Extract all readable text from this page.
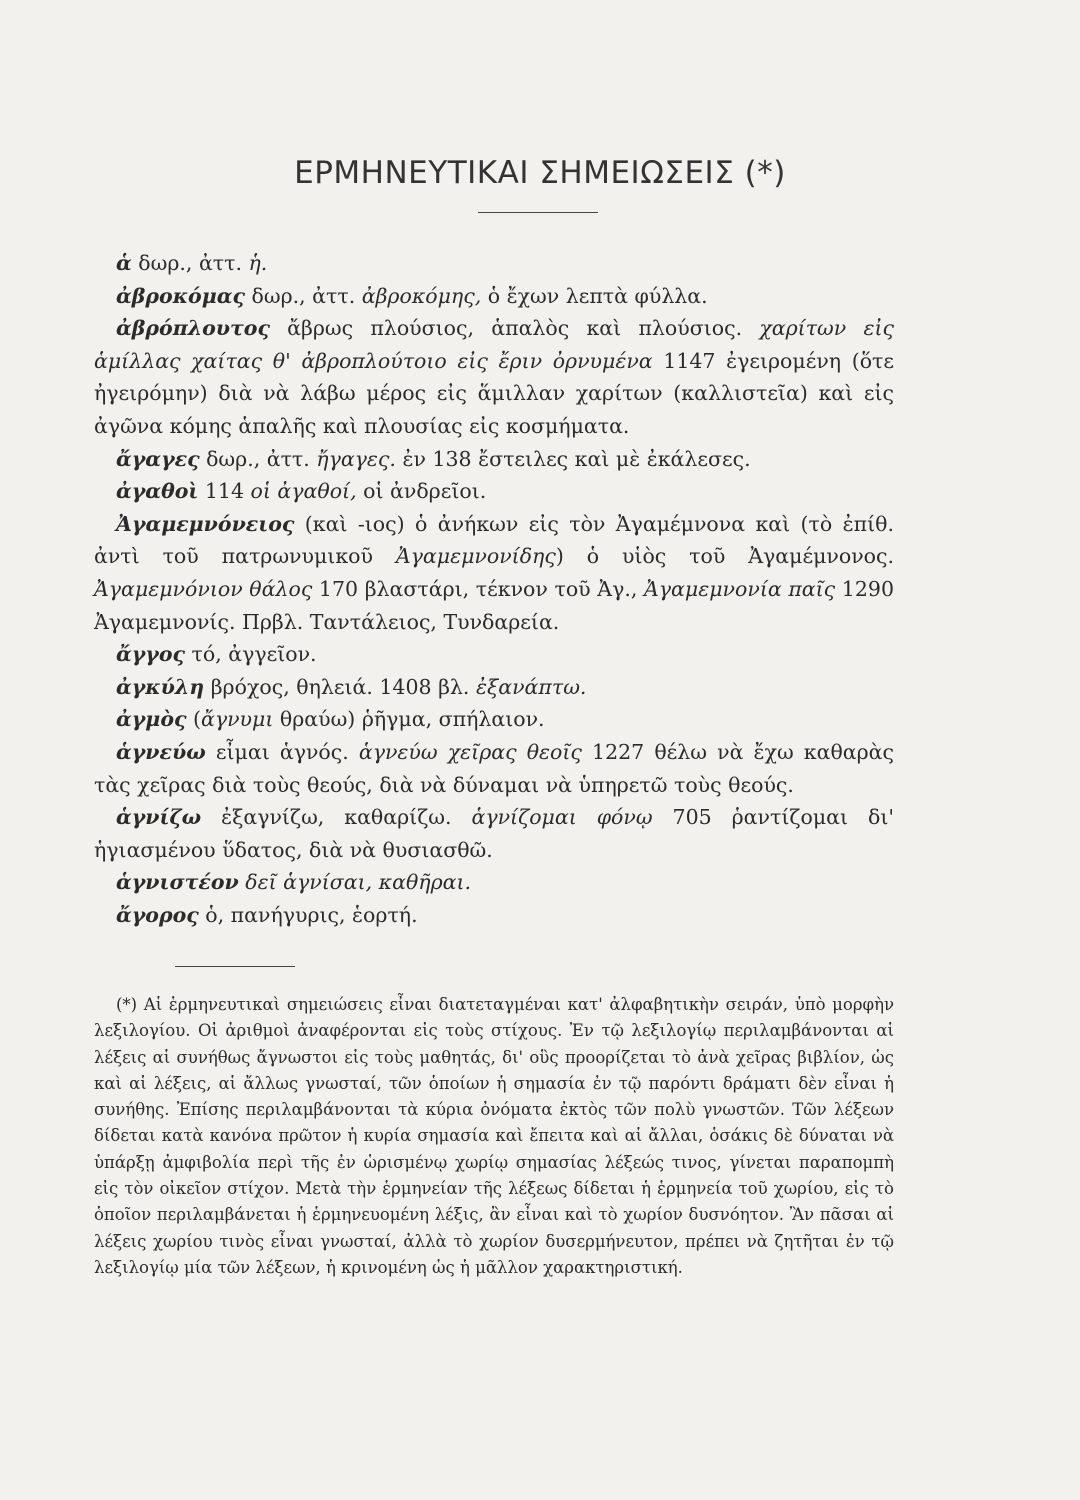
ΕΡΜΗΝΕΥΤΙΚΑΙ ΣΗΜΕΙΩΣΕΙΣ (*)

ἁ δωρ., ἀττ. ἡ.

ἀβροκόμας δωρ., ἀττ. ἀβροκόμης, ὁ ἔχων λεπτὰ φύλλα.

ἀβρόπλουτος ἄβρως πλούσιος, ἁπαλὸς καὶ πλούσιος. χαρίτων εἰς ἁμίλλας χαίτας θ' ἀβροπλούτοιο εἰς ἔριν ὀρνυμένα 1147 ἐγειρομένη (ὅτε ἠγειρόμην) διὰ νὰ λάβω μέρος εἰς ἅμιλλαν χαρίτων (καλλιστεῖα) καὶ εἰς ἀγῶνα κόμης ἁπαλῆς καὶ πλουσίας εἰς κοσμήματα.

ἄγαγες δωρ., ἀττ. ἤγαγες. ἐν 138 ἔστειλες καὶ μὲ ἐκάλεσες.

ἀγαθοὶ 114 οἱ ἀγαθοί, οἱ ἀνδρεῖοι.

Ἀγαμεμνόνειος (καὶ -ιος) ὁ ἀνήκων εἰς τὸν Ἀγαμέμνονα καὶ (τὸ ἐπίθ. ἀντὶ τοῦ πατρωνυμικοῦ Ἀγαμεμνονίδης) ὁ υἱὸς τοῦ Ἀγαμέμνονος. Ἀγαμεμνόνιον θάλος 170 βλαστάρι, τέκνον τοῦ Ἀγ., Ἀγαμεμνονία παῖς 1290 Ἀγαμεμνονίς. Πρβλ. Ταντάλειος, Τυνδαρεία.

ἄγγος τό, ἀγγεῖον.

ἀγκύλη βρόχος, θηλειά. 1408 βλ. ἐξανάπτω.

ἀγμὸς (ἄγνυμι θραύω) ῥῆγμα, σπήλαιον.

ἁγνεύω εἶμαι ἁγνός. ἁγνεύω χεῖρας θεοῖς 1227 θέλω νὰ ἔχω καθαρὰς τὰς χεῖρας διὰ τοὺς θεούς, διὰ νὰ δύναμαι νὰ ὑπηρετῶ τοὺς θεούς.

ἁγνίζω ἐξαγνίζω, καθαρίζω. ἁγνίζομαι φόνῳ 705 ῥαντίζομαι δι' ἡγιασμένου ὕδατος, διὰ νὰ θυσιασθῶ.

ἁγνιστέον δεῖ ἁγνίσαι, καθῆραι.

ἄγορος ὁ, πανήγυρις, ἑορτή.

(*) Αἱ ἑρμηνευτικαὶ σημειώσεις εἶναι διατεταγμέναι κατ' ἀλφαβητικὴν σειράν, ὑπὸ μορφὴν λεξιλογίου. Οἱ ἀριθμοὶ ἀναφέρονται εἰς τοὺς στίχους. Ἐν τῷ λεξιλογίῳ περιλαμβάνονται αἱ λέξεις αἱ συνήθως ἄγνωστοι εἰς τοὺς μαθητάς, δι' οὓς προορίζεται τὸ ἀνὰ χεῖρας βιβλίον, ὡς καὶ αἱ λέξεις, αἱ ἄλλως γνωσταί, τῶν ὁποίων ἡ σημασία ἐν τῷ παρόντι δράματι δὲν εἶναι ἡ συνήθης. Ἐπίσης περιλαμβάνονται τὰ κύρια ὀνόματα ἐκτὸς τῶν πολὺ γνωστῶν. Τῶν λέξεων δίδεται κατὰ κανόνα πρῶτον ἡ κυρία σημασία καὶ ἔπειτα καὶ αἱ ἄλλαι, ὁσάκις δὲ δύναται νὰ ὑπάρξῃ ἀμφιβολία περὶ τῆς ἐν ὡρισμένῳ χωρίῳ σημασίας λέξεώς τινος, γίνεται παραπομπὴ εἰς τὸν οἰκεῖον στίχον. Μετὰ τὴν ἑρμηνείαν τῆς λέξεως δίδεται ἡ ἑρμηνεία τοῦ χωρίου, εἰς τὸ ὁποῖον περιλαμβάνεται ἡ ἑρμηνευομένη λέξις, ἂν εἶναι καὶ τὸ χωρίον δυσνόητον. Ἂν πᾶσαι αἱ λέξεις χωρίου τινὸς εἶναι γνωσταί, ἀλλὰ τὸ χωρίον δυσερμήνευτον, πρέπει νὰ ζητῆται ἐν τῷ λεξιλογίῳ μία τῶν λέξεων, ἡ κρινομένη ὡς ἡ μᾶλλον χαρακτηριστική.
